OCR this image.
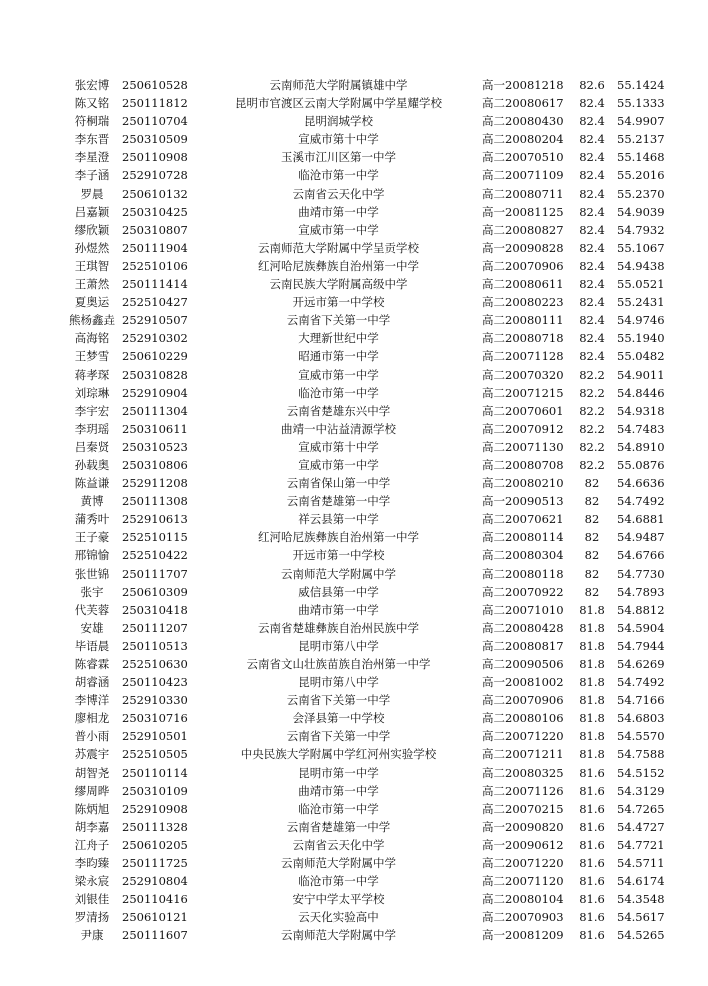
张宏博	250610528	云南师范大学附属镇雄中学	高一	20081218	82.6	55.1424
陈又铭	250111812	昆明市官渡区云南大学附属中学星耀学校	高二	20080617	82.4	55.1333
符桐瑞	250110704	昆明润城学校	高二	20080430	82.4	54.9907
李东晋	250310509	宣威市第十中学	高二	20080204	82.4	55.2137
李星澄	250110908	玉溪市江川区第一中学	高二	20070510	82.4	55.1468
李子涵	252910728	临沧市第一中学	高二	20071109	82.4	55.2016
罗晨	250610132	云南省云天化中学	高二	20080711	82.4	55.2370
吕嘉颖	250310425	曲靖市第一中学	高一	20081125	82.4	54.9039
缪欣颖	250310807	宣威市第一中学	高二	20080827	82.4	54.7932
孙煜然	250111904	云南师范大学附属中学呈贡学校	高一	20090828	82.4	55.1067
王琪智	252510106	红河哈尼族彝族自治州第一中学	高二	20070906	82.4	54.9438
王萧然	250111414	云南民族大学附属高级中学	高二	20080611	82.4	55.0521
夏奥运	252510427	开远市第一中学校	高二	20080223	82.4	55.2431
熊杨鑫垚	252910507	云南省下关第一中学	高二	20080111	82.4	54.9746
高海铭	252910302	大理新世纪中学	高二	20080718	82.4	55.1940
王梦雪	250610229	昭通市第一中学	高二	20071128	82.4	55.0482
蒋孝琛	250310828	宣威市第一中学	高二	20070320	82.2	54.9011
刘琮琳	252910904	临沧市第一中学	高二	20071215	82.2	54.8446
李宇宏	250111304	云南省楚雄东兴中学	高二	20070601	82.2	54.9318
李玥瑶	250310611	曲靖一中沾益清源学校	高二	20070912	82.2	54.7483
吕秦贤	250310523	宣威市第十中学	高二	20071130	82.2	54.8910
孙载奥	250310806	宣威市第一中学	高二	20080708	82.2	55.0876
陈益谦	252911208	云南省保山第一中学	高二	20080210	82	54.6636
黄博	250111308	云南省楚雄第一中学	高一	20090513	82	54.7492
蒲秀叶	252910613	祥云县第一中学	高二	20070621	82	54.6881
王子豪	252510115	红河哈尼族彝族自治州第一中学	高二	20080114	82	54.9487
邢锦愉	252510422	开远市第一中学校	高二	20080304	82	54.6766
张世锦	250111707	云南师范大学附属中学	高二	20080118	82	54.7730
张宇	250610309	威信县第一中学	高二	20070922	82	54.7893
代芙蓉	250310418	曲靖市第一中学	高二	20071010	81.8	54.8812
安雄	250111207	云南省楚雄彝族自治州民族中学	高二	20080428	81.8	54.5904
毕语晨	250110513	昆明市第八中学	高二	20080817	81.8	54.7944
陈睿霖	252510630	云南省文山壮族苗族自治州第一中学	高二	20090506	81.8	54.6269
胡睿涵	250110423	昆明市第八中学	高一	20081002	81.8	54.7492
李博洋	252910330	云南省下关第一中学	高二	20070906	81.8	54.7166
廖相龙	250310716	会泽县第一中学校	高二	20080106	81.8	54.6803
普小雨	252910501	云南省下关第一中学	高二	20071220	81.8	54.5570
苏震宇	252510505	中央民族大学附属中学红河州实验学校	高二	20071211	81.8	54.7588
胡智尧	250110114	昆明市第一中学	高二	20080325	81.6	54.5152
缪周晔	250310109	曲靖市第一中学	高二	20071126	81.6	54.3129
陈炳旭	252910908	临沧市第一中学	高二	20070215	81.6	54.7265
胡李嘉	250111328	云南省楚雄第一中学	高一	20090820	81.6	54.4727
江舟子	250610205	云南省云天化中学	高一	20090612	81.6	54.7721
李昀臻	250111725	云南师范大学附属中学	高二	20071220	81.6	54.5711
梁永宸	252910804	临沧市第一中学	高二	20071120	81.6	54.6174
刘银佳	250110416	安宁中学太平学校	高二	20080104	81.6	54.3548
罗清扬	250610121	云天化实验高中	高二	20070903	81.6	54.5617
尹康	250111607	云南师范大学附属中学	高一	20081209	81.6	54.5265
